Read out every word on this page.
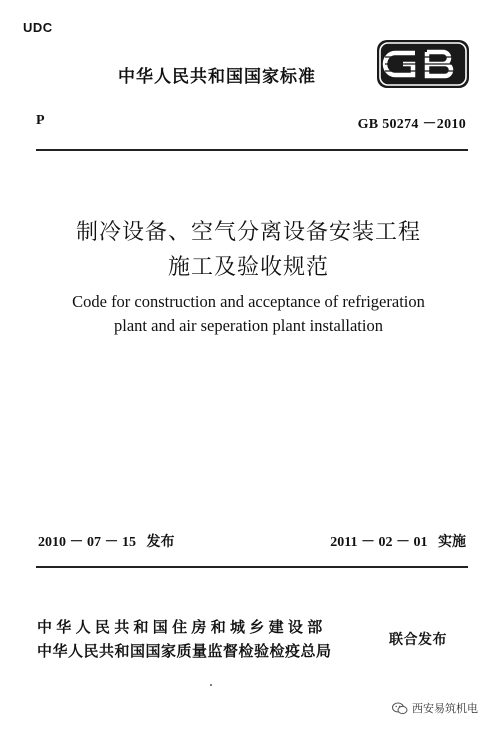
UDC
中华人民共和国国家标准
P	GB 50274 －2010
制冷设备、空气分离设备安装工程
施工及验收规范
Code for construction and acceptance of refrigeration
plant and air seperation plant installation
2010 － 07 － 15   发布	2011 － 02 － 01   实施
中华人民共和国住房和城乡建设部
中华人民共和国国家质量监督检验检疫总局
联合发布
西安易筑机电
